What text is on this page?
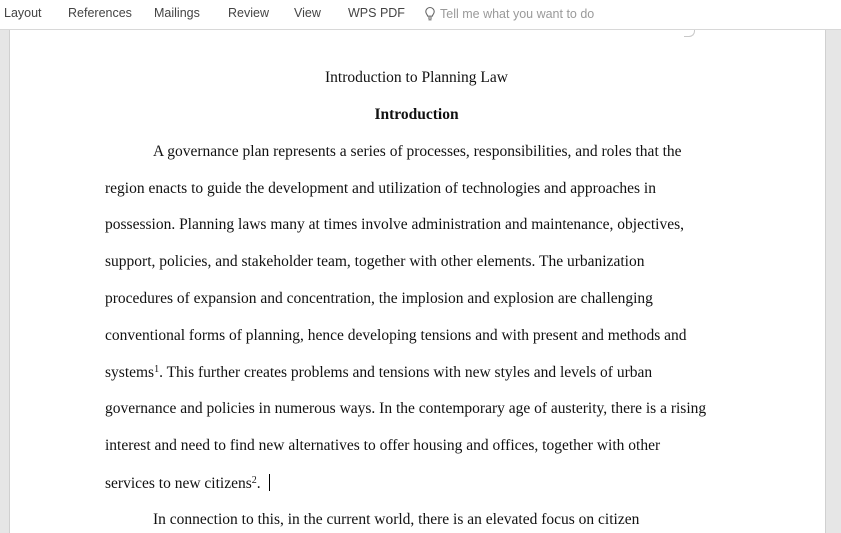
Layout References Mailings Review View WPS PDF	Tell me what you want to do
Introduction to Planning Law
Introduction
A governance plan represents a series of processes, responsibilities, and roles that the
region enacts to guide the development and utilization of technologies and approaches in
possession. Planning laws many at times involve administration and maintenance, objectives,
support, policies, and stakeholder team, together with other elements. The urbanization
procedures of expansion and concentration, the implosion and explosion are challenging
conventional forms of planning, hence developing tensions and with present and methods and
systems$^1$. This further creates problems and tensions with new styles and levels of urban
governance and policies in numerous ways. In the contemporary age of austerity, there is a rising
interest and need to find new alternatives to offer housing and offices, together with other
services to new citizens$^2$.
In connection to this, in the current world, there is an elevated focus on citizen
